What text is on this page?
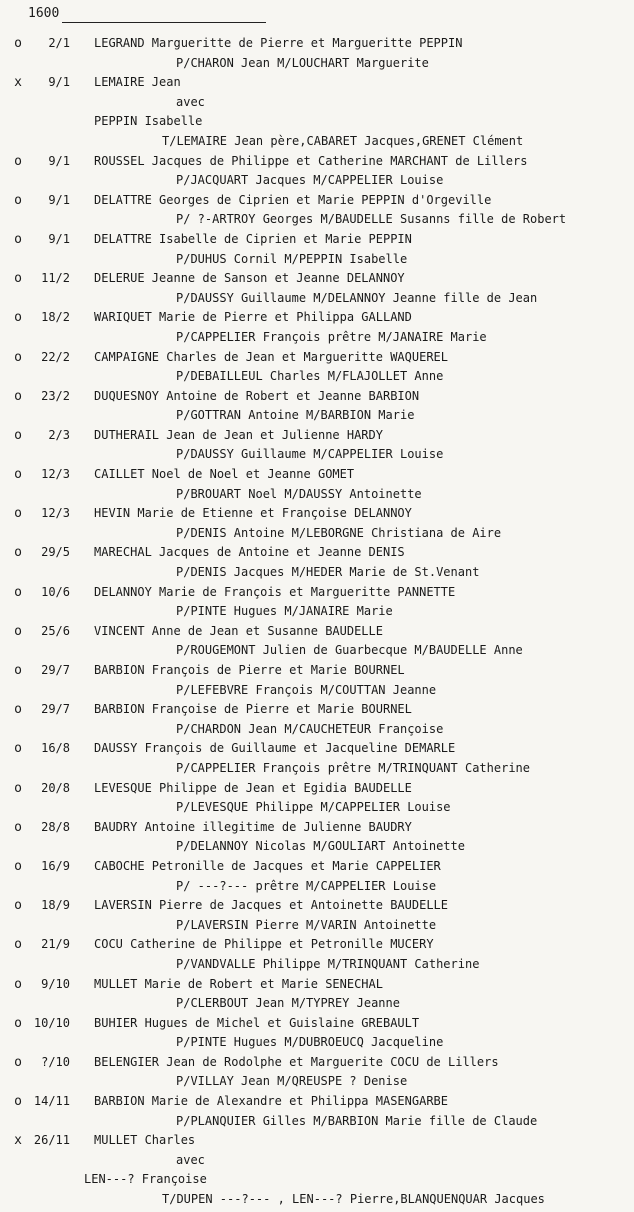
1600
o	2/1 LEGRAND Margueritte de Pierre et Margueritte PEPPIN
P/CHARON Jean M/LOUCHART Marguerite
x	9/1 LEMAIRE Jean
avec
PEPPIN Isabelle
T/LEMAIRE Jean père,CABARET Jacques,GRENET Clément
o	9/1 ROUSSEL Jacques de Philippe et Catherine MARCHANT de Lillers
P/JACQUART Jacques M/CAPPELIER Louise
o	9/1 DELATTRE Georges de Ciprien et Marie PEPPIN d'Orgeville
P/ ?-ARTROY Georges M/BAUDELLE Susanns fille de Robert
o	9/1 DELATTRE Isabelle de Ciprien et Marie PEPPIN
P/DUHUS Cornil M/PEPPIN Isabelle
o	11/2 DELERUE Jeanne de Sanson et Jeanne DELANNOY
P/DAUSSY Guillaume M/DELANNOY Jeanne fille de Jean
o	18/2 WARIQUET Marie de Pierre et Philippa GALLAND
P/CAPPELIER François prêtre M/JANAIRE Marie
o	22/2 CAMPAIGNE Charles de Jean et Margueritte WAQUEREL
P/DEBAILLEUL Charles M/FLAJOLLET Anne
o	23/2 DUQUESNOY Antoine de Robert et Jeanne BARBION
P/GOTTRAN Antoine M/BARBION Marie
o	2/3 DUTHERAIL Jean de Jean et Julienne HARDY
P/DAUSSY Guillaume M/CAPPELIER Louise
o	12/3 CAILLET Noel de Noel et Jeanne GOMET
P/BROUART Noel M/DAUSSY Antoinette
o	12/3 HEVIN Marie de Etienne et Françoise DELANNOY
P/DENIS Antoine M/LEBORGNE Christiana de Aire
o	29/5 MARECHAL Jacques de Antoine et Jeanne DENIS
P/DENIS Jacques M/HEDER Marie de St.Venant
o	10/6 DELANNOY Marie de François et Margueritte PANNETTE
P/PINTE Hugues M/JANAIRE Marie
o	25/6 VINCENT Anne de Jean et Susanne BAUDELLE
P/ROUGEMONT Julien de Guarbecque M/BAUDELLE Anne
o	29/7 BARBION François de Pierre et Marie BOURNEL
P/LEFEBVRE François M/COUTTAN Jeanne
o	29/7 BARBION Françoise de Pierre et Marie BOURNEL
P/CHARDON Jean M/CAUCHETEUR Françoise
o	16/8 DAUSSY François de Guillaume et Jacqueline DEMARLE
P/CAPPELIER François prêtre M/TRINQUANT Catherine
o	20/8 LEVESQUE Philippe de Jean et Egidia BAUDELLE
P/LEVESQUE Philippe M/CAPPELIER Louise
o	28/8 BAUDRY Antoine illegitime de Julienne BAUDRY
P/DELANNOY Nicolas M/GOULIART Antoinette
o	16/9 CABOCHE Petronille de Jacques et Marie CAPPELIER
P/ ---?--- prêtre M/CAPPELIER Louise
o	18/9 LAVERSIN Pierre de Jacques et Antoinette BAUDELLE
P/LAVERSIN Pierre M/VARIN Antoinette
o	21/9 COCU Catherine de Philippe et Petronille MUCERY
P/VANDVALLE Philippe M/TRINQUANT Catherine
o	9/10 MULLET Marie de Robert et Marie SENECHAL
P/CLERBOUT Jean M/TYPREY Jeanne
o 10/10 BUHIER Hugues de Michel et Guislaine GREBAULT
P/PINTE Hugues M/DUBROEUCQ Jacqueline
o	?/10 BELENGIER Jean de Rodolphe et Marguerite COCU de Lillers
P/VILLAY Jean M/QREUSPE ? Denise
o 14/11 BARBION Marie de Alexandre et Philippa MASENGARBE
P/PLANQUIER Gilles M/BARBION Marie fille de Claude
x 26/11 MULLET Charles
avec
LEN---? Françoise
T/DUPEN ---?--- , LEN---? Pierre,BLANQUENQUAR Jacques
